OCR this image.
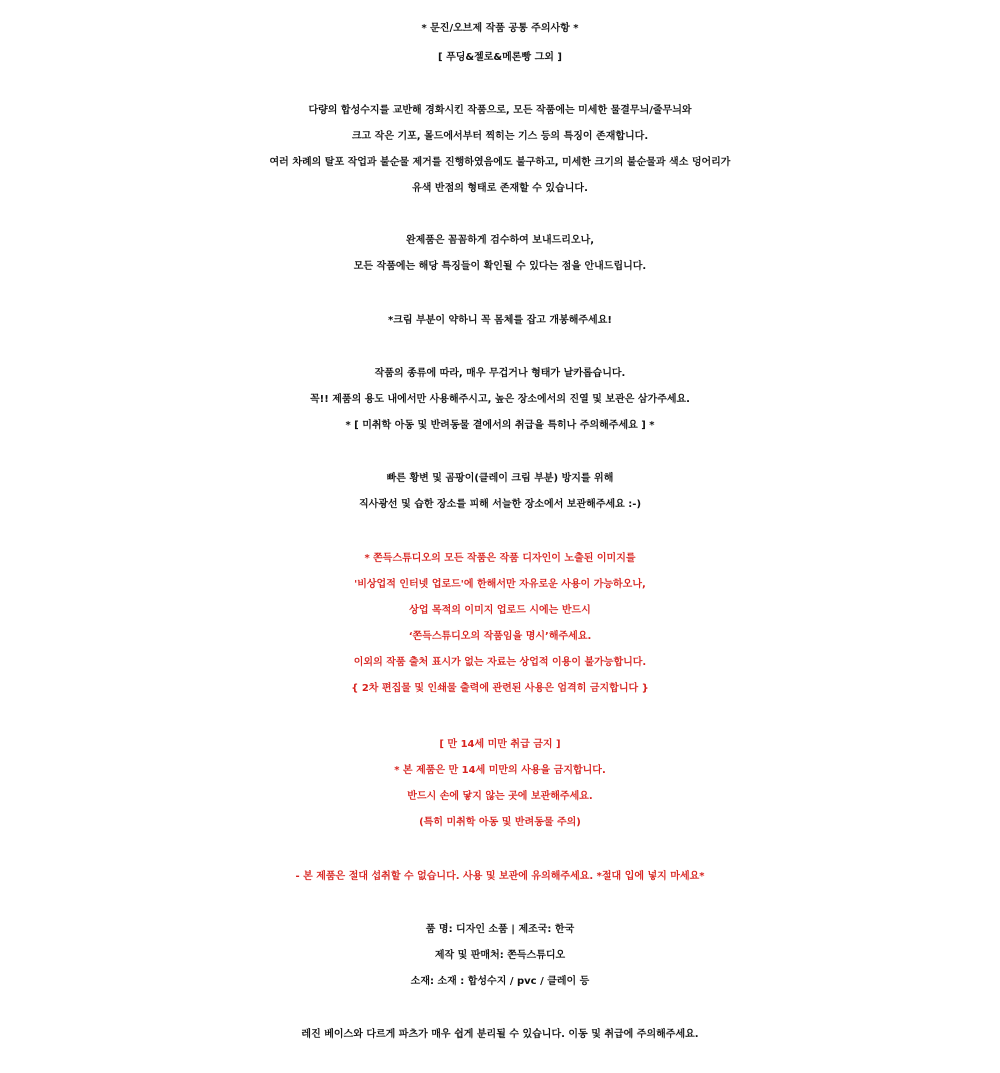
* 문진/오브제 작품 공통 주의사항 *
[ 푸딩&젤로&메론빵 그외 ]
다량의 합성수지를 교반해 경화시킨 작품으로, 모든 작품에는 미세한 물결무늬/줄무늬와
크고 작은 기포, 몰드에서부터 찍히는 기스 등의 특징이 존재합니다.
여러 차례의 탈포 작업과 불순물 제거를 진행하였음에도 불구하고, 미세한 크기의 불순물과 색소 덩어리가
유색 반점의 형태로 존재할 수 있습니다.
완제품은 꼼꼼하게 검수하여 보내드리오나,
모든 작품에는 해당 특징들이 확인될 수 있다는 점을 안내드립니다.
*크림 부분이 약하니 꼭 몸체를 잡고 개봉해주세요!
작품의 종류에 따라, 매우 무겁거나 형태가 날카롭습니다.
꼭!! 제품의 용도 내에서만 사용해주시고, 높은 장소에서의 진열 및 보관은 삼가주세요.
* [ 미취학 아동 및 반려동물 곁에서의 취급을 특히나 주의해주세요 ] *
빠른 황변 및 곰팡이(클레이 크림 부분) 방지를 위해
직사광선 및 습한 장소를 피해 서늘한 장소에서 보관해주세요 :-)
* 쫀득스튜디오의 모든 작품은 작품 디자인이 노출된 이미지를
'비상업적 인터넷 업로드'에 한해서만 자유로운 사용이 가능하오나,
상업 목적의 이미지 업로드 시에는 반드시
‘쫀득스튜디오의 작품임을 명시’해주세요.
이외의 작품 출처 표시가 없는 자료는 상업적 이용이 불가능합니다.
{ 2차 편집물 및 인쇄물 출력에 관련된 사용은 엄격히 금지합니다 }
[ 만 14세 미만 취급 금지 ]
* 본 제품은 만 14세 미만의 사용을 금지합니다.
반드시 손에 닿지 않는 곳에 보관해주세요.
(특히 미취학 아동 및 반려동물 주의)
- 본 제품은 절대 섭취할 수 없습니다. 사용 및 보관에 유의해주세요. *절대 입에 넣지 마세요*
품 명: 디자인 소품 | 제조국: 한국
제작 및 판매처: 쫀득스튜디오
소재: 소재 : 합성수지 / pvc / 클레이 등
레진 베이스와 다르게 파츠가 매우 쉽게 분리될 수 있습니다. 이동 및 취급에 주의해주세요.
